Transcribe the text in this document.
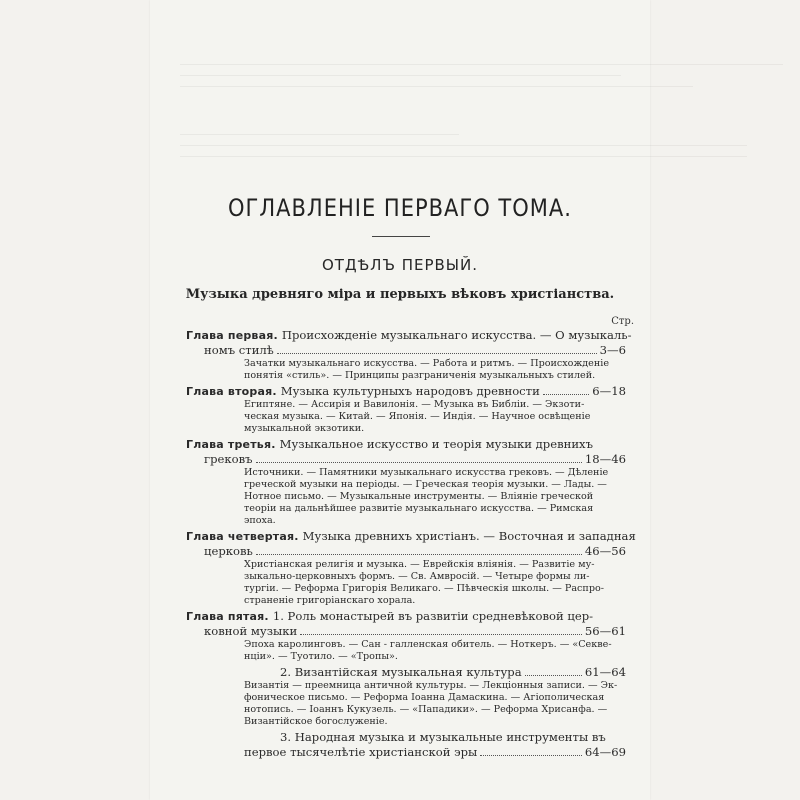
―――――――――――――――――――――――――――――――――――――――――――――――――――――――――――――――――――
―――――――――――――――――――――――――――――――――――――――――――――――――
―――――――――――――――――――――――――――――――――――――――――――――――――――――――――
―――――――――――――――――――――――――――――――
―――――――――――――――――――――――――――――――――――――――――――――――――――――――――――――――
―――――――――――――――――――――――――――――――――――――――――――――――――――――――――――――――
ОГЛАВЛЕНІЕ ПЕРВАГО ТОМА.
ОТДѢЛЪ ПЕРВЫЙ.
Музыка древняго міра и первыхъ вѣковъ христіанства.
Стр.
Глава первая. Происхожденіе музыкальнаго искусства. — О музыкаль-
номъ стилѣ	3—6
Зачатки музыкальнаго искусства. — Работа и ритмъ. — Происхожденіе
понятія «стиль». — Принципы разграниченія музыкальныхъ стилей.
Глава вторая. Музыка культурныхъ народовъ древности	6—18
Египтяне. — Ассирія и Вавилонія. — Музыка въ Библіи. — Экзоти-
ческая музыка. — Китай. — Японія. — Индія. — Научное освѣщеніе
музыкальной экзотики.
Глава третья. Музыкальное искусство и теорія музыки древнихъ
грековъ	18—46
Источники. — Памятники музыкальнаго искусства грековъ. — Дѣленіе
греческой музыки на періоды. — Греческая теорія музыки. — Лады. —
Нотное письмо. — Музыкальные инструменты. — Вліяніе греческой
теоріи на дальнѣйшее развитіе музыкальнаго искусства. — Римская
эпоха.
Глава четвертая. Музыка древнихъ христіанъ. — Восточная и западная
церковь	46—56
Христіанская религія и музыка. — Еврейскія вліянія. — Развитіе му-
зыкально-церковныхъ формъ. — Св. Амвросій. — Четыре формы ли-
тургіи. — Реформа Григорія Великаго. — Пѣвческія школы. — Распро-
страненіе григоріанскаго хорала.
Глава пятая. 1. Роль монастырей въ развитіи средневѣковой цер-
ковной музыки	56—61
Эпоха каролинговъ. — Сан - галленская обитель. — Ноткеръ. — «Секве-
нціи». — Туотило. — «Тропы».
2. Византійская музыкальная культура	61—64
Византія — преемница античной культуры. — Лекціонныя записи. — Эк-
фоническое письмо. — Реформа Іоанна Дамаскина. — Агіополическая
нотопись. — Іоаннъ Кукузель. — «Пападики». — Реформа Хрисанфа. —
Византійское богослуженіе.
3. Народная музыка и музыкальные инструменты въ
первое тысячелѣтіе христіанской эры	64—69
